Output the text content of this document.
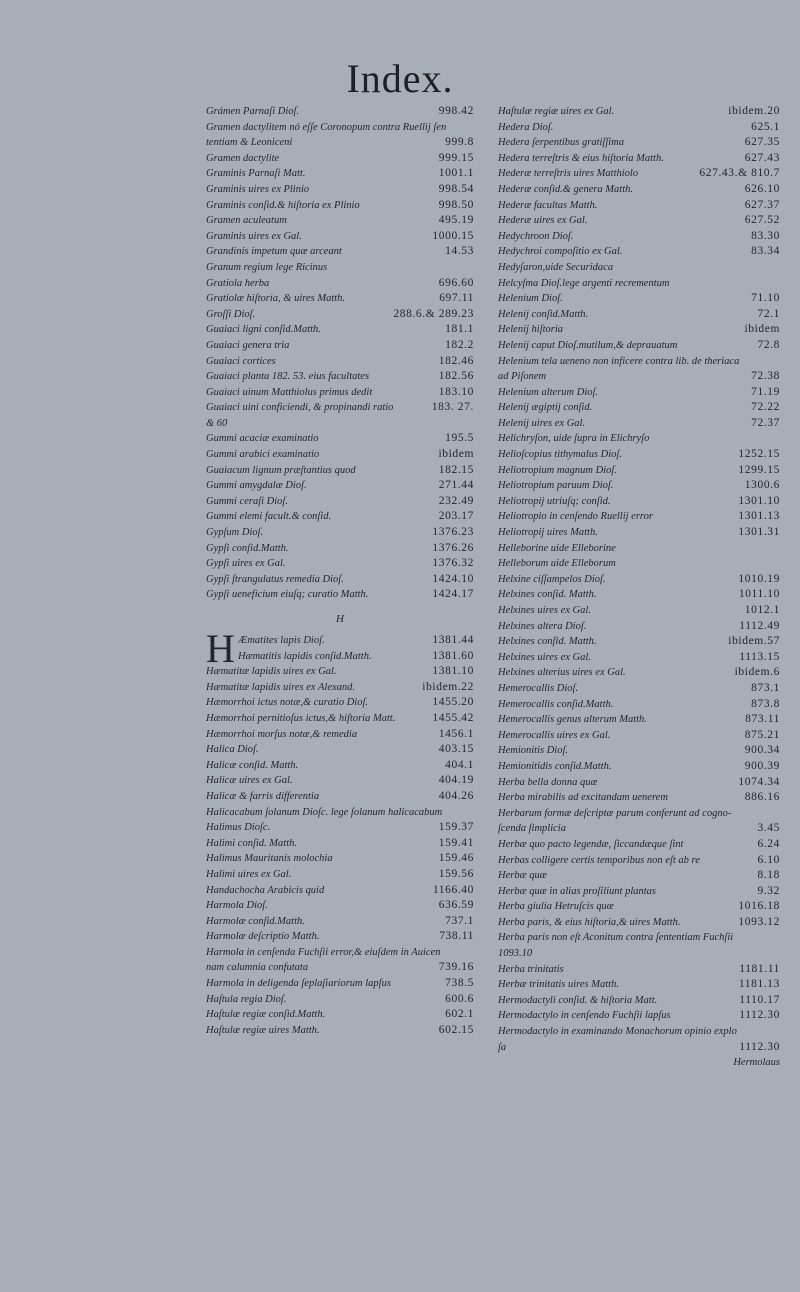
Index.
Grámen Parnaſi Dioſ.	998.42
Gramen dactylitem nó eſſe Coronopum contra Ruellij ſen
tentiam & Leoniceni	999.8
Gramen dactylite	999.15
Graminis Parnaſi Matt.	1001.1
Graminis uires ex Plinio	998.54
Graminis conſid.& hiſtoria ex Plinio	998.50
Gramen aculeatum	495.19
Graminis uires ex Gal.	1000.15
Grandinis impetum quæ arceant	14.53
Granum regium lege Ricinus
Gratiola herba	696.60
Gratiolæ hiſtoria, & uires Matth.	697.11
Groſſi Dioſ.	288.6.& 289.23
Guaiaci ligni conſid.Matth.	181.1
Guaiaci genera tria	182.2
Guaiaci cortices	182.46
Guaiaci planta 182. 53. eius facultates	182.56
Guaiaci uinum Matthiolus primus dedit	183.10
Guaiaci uini conficiendi, & propinandi ratio	183. 27.
& 60
Gummi acaciæ examinatio	195.5
Gummi arabici examinatio	ibidem
Guaiacum lignum præſtantius quod	182.15
Gummi amygdalæ Dioſ.	271.44
Gummi ceraſi Dioſ.	232.49
Gummi elemi facult.& conſid.	203.17
Gypſum Dioſ.	1376.23
Gypſi conſid.Matth.	1376.26
Gypſi uires ex Gal.	1376.32
Gypſi ſtrangulatus remedia Dioſ.	1424.10
Gypſi ueneficium eiuſq; curatio Matth.	1424.17
H
H Æmatites lapis Dioſ.	1381.44
Hæmatitis lapidis conſid.Matth.	1381.60
Hæmatitæ lapidis uires ex Gal.	1381.10
Hæmatitæ lapidis uires ex Alexand.	ibidem.22
Hæmorrhoi ictus notæ,& curatio Dioſ.	1455.20
Hæmorrhoi pernitioſus ictus,& hiſtoria Matt.	1455.42
Hæmorrhoi morſus notæ,& remedia	1456.1
Halica Dioſ.	403.15
Halicæ conſid. Matth.	404.1
Halicæ uires ex Gal.	404.19
Halicæ & farris differentia	404.26
Halicacabum ſolanum Dioſc. lege ſolanum halicacabum
Halimus Dioſc.	159.37
Halimi conſid. Matth.	159.41
Halimus Mauritanis molochia	159.46
Halimi uires ex Gal.	159.56
Handachocha Arabicis quid	1166.40
Harmola Dioſ.	636.59
Harmolæ conſid.Matth.	737.1
Harmolæ deſcriptio Matth.	738.11
Harmola in cenſenda Fuchſii error,& eiuſdem in Auicen
nam calumnia confutata	739.16
Harmola in deligenda ſeplaſiariorum lapſus	738.5
Haſtula regia Dioſ.	600.6
Haſtulæ regiæ conſid.Matth.	602.1
Haſtulæ regiæ uires Matth.	602.15
Haſtulæ regiæ uires ex Gal.	ibidem.20
Hedera Dioſ.	625.1
Hedera ſerpentibus gratiſſima	627.35
Hedera terreſtris & eius hiſtoria Matth.	627.43
Hederæ terreſtris uires Matthiolo	627.43.& 810.7
Hederæ conſid.& genera Matth.	626.10
Hederæ facultas Matth.	627.37
Hederæ uires ex Gal.	627.52
Hedychroon Dioſ.	83.30
Hedychroi compoſitio ex Gal.	83.34
Hedyſaron,uide Securidaca
Helcyſma Dioſ.lege argenti recrementum
Helenium Dioſ.	71.10
Helenij conſid.Matth.	72.1
Helenij hiſtoria	ibidem
Helenij caput Dioſ.mutilum,& deprauatum	72.8
Helenium tela ueneno non inficere contra lib. de theriaca
ad Piſonem	72.38
Helenium alterum Dioſ.	71.19
Helenij ægiptij conſid.	72.22
Helenij uires ex Gal.	72.37
Helichryſon, uide ſupra in Elichryſo
Helioſcopius tithymalus Dioſ.	1252.15
Heliotropium magnum Dioſ.	1299.15
Heliotropium paruum Dioſ.	1300.6
Heliotropij utriuſq; conſid.	1301.10
Heliotropio in cenſendo Ruellij error	1301.13
Heliotropij uires Matth.	1301.31
Helleborine uide Elleborine
Helleborum uide Elleborum
Helxine ciſſampelos Dioſ.	1010.19
Helxines conſid. Matth.	1011.10
Helxines uires ex Gal.	1012.1
Helxines altera Dioſ.	1112.49
Helxines conſid. Matth.	ibidem.57
Helxines uires ex Gal.	1113.15
Helxines alterius uires ex Gal.	ibidem.6
Hemerocallis Dioſ.	873.1
Hemerocallis conſid.Matth.	873.8
Hemerocallis genus alterum Matth.	873.11
Hemerocallis uires ex Gal.	875.21
Hemionitis Dioſ.	900.34
Hemionitidis conſid.Matth.	900.39
Herba bella donna quæ	1074.34
Herba mirabilis ad excitandam uenerem	886.16
Herbarum formæ deſcriptæ parum conferunt ad cogno-
ſcenda ſimplicia	3.45
Herbæ quo pacto legendæ, ſiccandæque ſint	6.24
Herbas colligere certis temporibus non eſt ab re	6.10
Herbæ quæ	8.18
Herbæ quæ in alias proſiliunt plantas	9.32
Herba giulia Hetruſcis quæ	1016.18
Herba paris, & eius hiſtoria,& uires Matth.	1093.12
Herba paris non eſt Aconitum contra ſententiam Fuchſii
1093.10
Herba trinitatis	1181.11
Herbæ trinitatis uires Matth.	1181.13
Hermodactyli conſid. & hiſtoria Matt.	1110.17
Hermodactylo in cenſendo Fuchſii lapſus	1112.30
Hermodactylo in examinando Monachorum opinio explo
ſa	1112.30
Hermolaus
